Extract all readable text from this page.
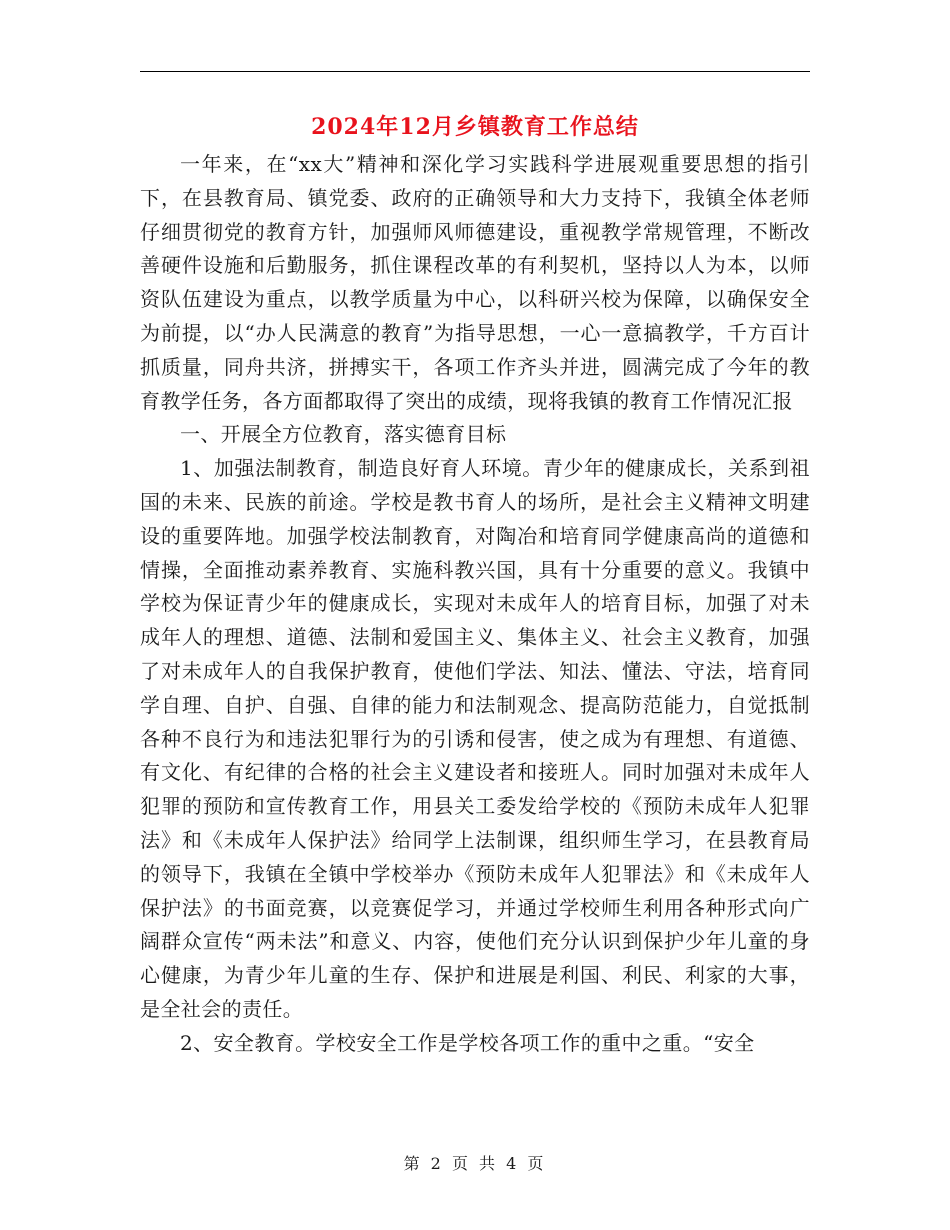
2024年12月乡镇教育工作总结

一年来，在“xx大”精神和深化学习实践科学进展观重要思想的指引下，在县教育局、镇党委、政府的正确领导和大力支持下，我镇全体老师仔细贯彻党的教育方针，加强师风师德建设，重视教学常规管理，不断改善硬件设施和后勤服务，抓住课程改革的有利契机，坚持以人为本，以师资队伍建设为重点，以教学质量为中心，以科研兴校为保障，以确保安全为前提，以“办人民满意的教育”为指导思想，一心一意搞教学，千方百计抓质量，同舟共济，拼搏实干，各项工作齐头并进，圆满完成了今年的教育教学任务，各方面都取得了突出的成绩，现将我镇的教育工作情况汇报

一、开展全方位教育，落实德育目标

1、加强法制教育，制造良好育人环境。青少年的健康成长，关系到祖国的未来、民族的前途。学校是教书育人的场所，是社会主义精神文明建设的重要阵地。加强学校法制教育，对陶冶和培育同学健康高尚的道德和情操，全面推动素养教育、实施科教兴国，具有十分重要的意义。我镇中学校为保证青少年的健康成长，实现对未成年人的培育目标，加强了对未成年人的理想、道德、法制和爱国主义、集体主义、社会主义教育，加强了对未成年人的自我保护教育，使他们学法、知法、懂法、守法，培育同学自理、自护、自强、自律的能力和法制观念、提高防范能力，自觉抵制各种不良行为和违法犯罪行为的引诱和侵害，使之成为有理想、有道德、有文化、有纪律的合格的社会主义建设者和接班人。同时加强对未成年人犯罪的预防和宣传教育工作，用县关工委发给学校的《预防未成年人犯罪法》和《未成年人保护法》给同学上法制课，组织师生学习，在县教育局的领导下，我镇在全镇中学校举办《预防未成年人犯罪法》和《未成年人保护法》的书面竞赛，以竞赛促学习，并通过学校师生利用各种形式向广阔群众宣传“两未法”和意义、内容，使他们充分认识到保护少年儿童的身心健康，为青少年儿童的生存、保护和进展是利国、利民、利家的大事，是全社会的责任。

2、安全教育。学校安全工作是学校各项工作的重中之重。“安全

第 2 页 共 4 页
